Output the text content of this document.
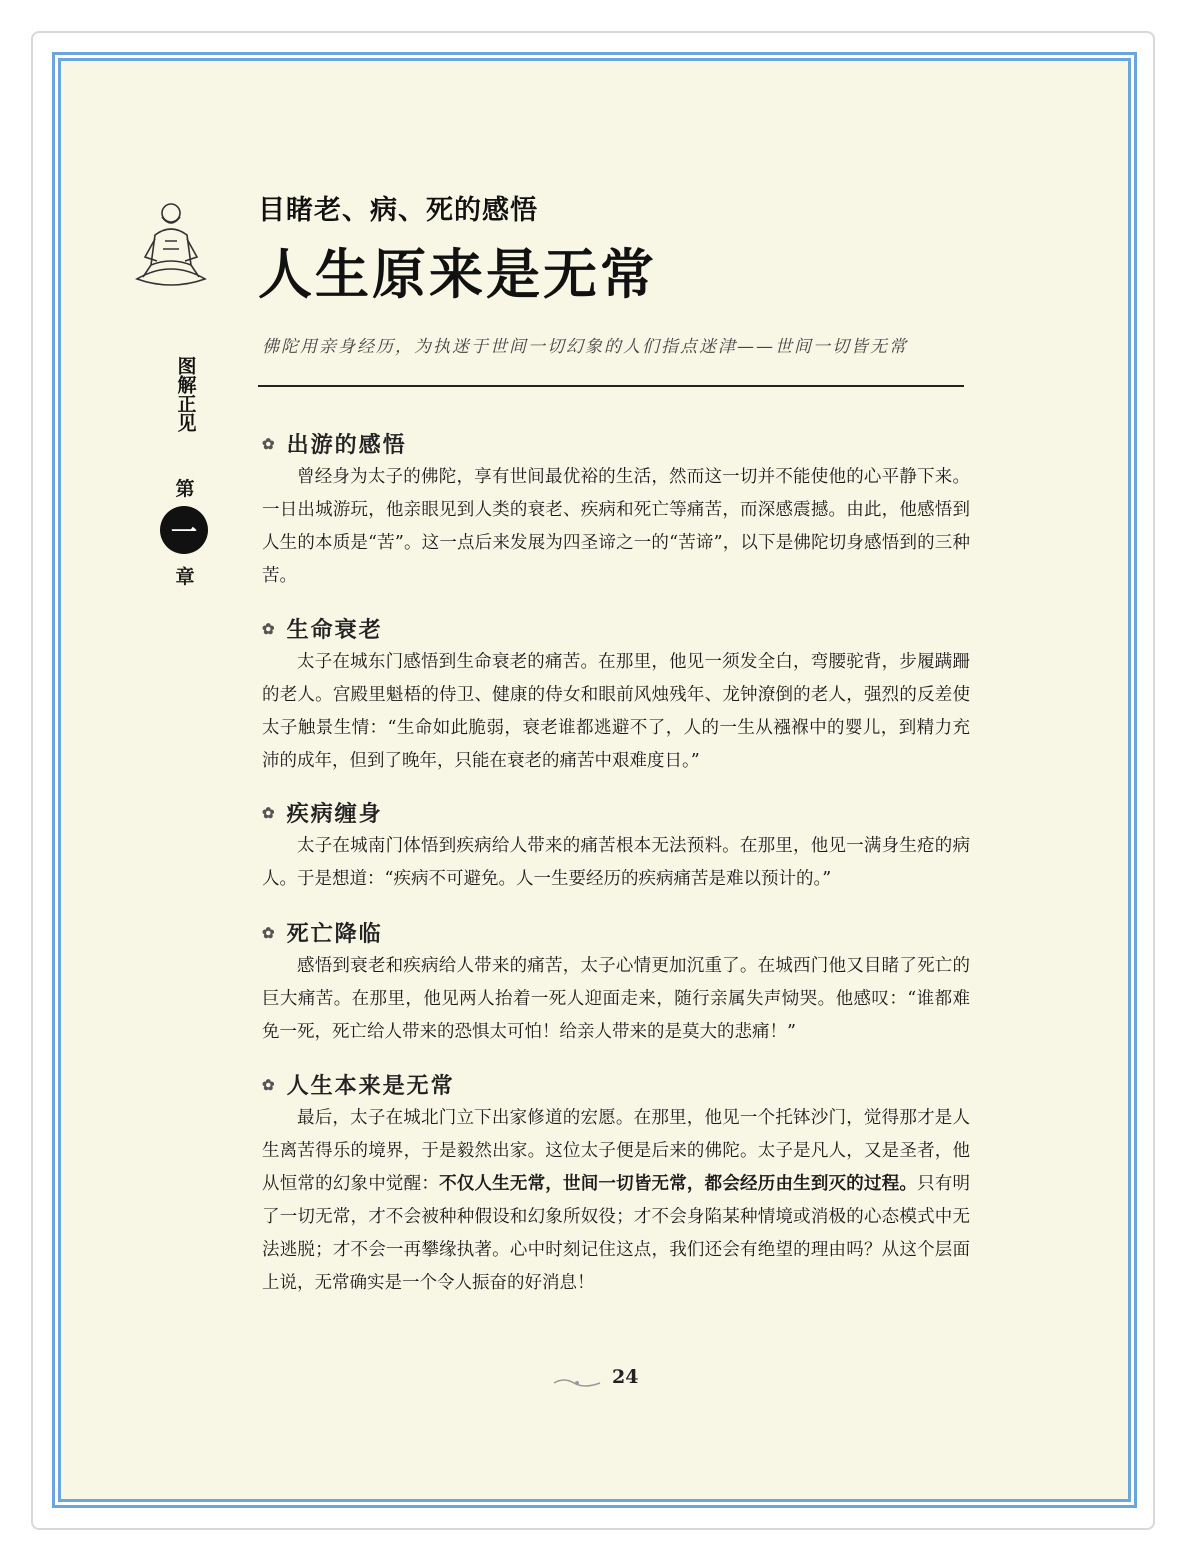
目睹老、病、死的感悟
人生原来是无常
佛陀用亲身经历，为执迷于世间一切幻象的人们指点迷津——世间一切皆无常
图解正见
第
一
章
✿ 出游的感悟
曾经身为太子的佛陀，享有世间最优裕的生活，然而这一切并不能使他的心平静下来。一日出城游玩，他亲眼见到人类的衰老、疾病和死亡等痛苦，而深感震撼。由此，他感悟到人生的本质是“苦”。这一点后来发展为四圣谛之一的“苦谛”，以下是佛陀切身感悟到的三种苦。
✿ 生命衰老
太子在城东门感悟到生命衰老的痛苦。在那里，他见一须发全白，弯腰驼背，步履蹒跚的老人。宫殿里魁梧的侍卫、健康的侍女和眼前风烛残年、龙钟潦倒的老人，强烈的反差使太子触景生情：“生命如此脆弱，衰老谁都逃避不了，人的一生从襁褓中的婴儿，到精力充沛的成年，但到了晚年，只能在衰老的痛苦中艰难度日。”
✿ 疾病缠身
太子在城南门体悟到疾病给人带来的痛苦根本无法预料。在那里，他见一满身生疮的病人。于是想道：“疾病不可避免。人一生要经历的疾病痛苦是难以预计的。”
✿ 死亡降临
感悟到衰老和疾病给人带来的痛苦，太子心情更加沉重了。在城西门他又目睹了死亡的巨大痛苦。在那里，他见两人抬着一死人迎面走来，随行亲属失声恸哭。他感叹：“谁都难免一死，死亡给人带来的恐惧太可怕！给亲人带来的是莫大的悲痛！”
✿ 人生本来是无常
最后，太子在城北门立下出家修道的宏愿。在那里，他见一个托钵沙门，觉得那才是人生离苦得乐的境界，于是毅然出家。这位太子便是后来的佛陀。太子是凡人，又是圣者，他从恒常的幻象中觉醒：不仅人生无常，世间一切皆无常，都会经历由生到灭的过程。只有明了一切无常，才不会被种种假设和幻象所奴役；才不会身陷某种情境或消极的心态模式中无法逃脱；才不会一再攀缘执著。心中时刻记住这点，我们还会有绝望的理由吗？从这个层面上说，无常确实是一个令人振奋的好消息！
24
